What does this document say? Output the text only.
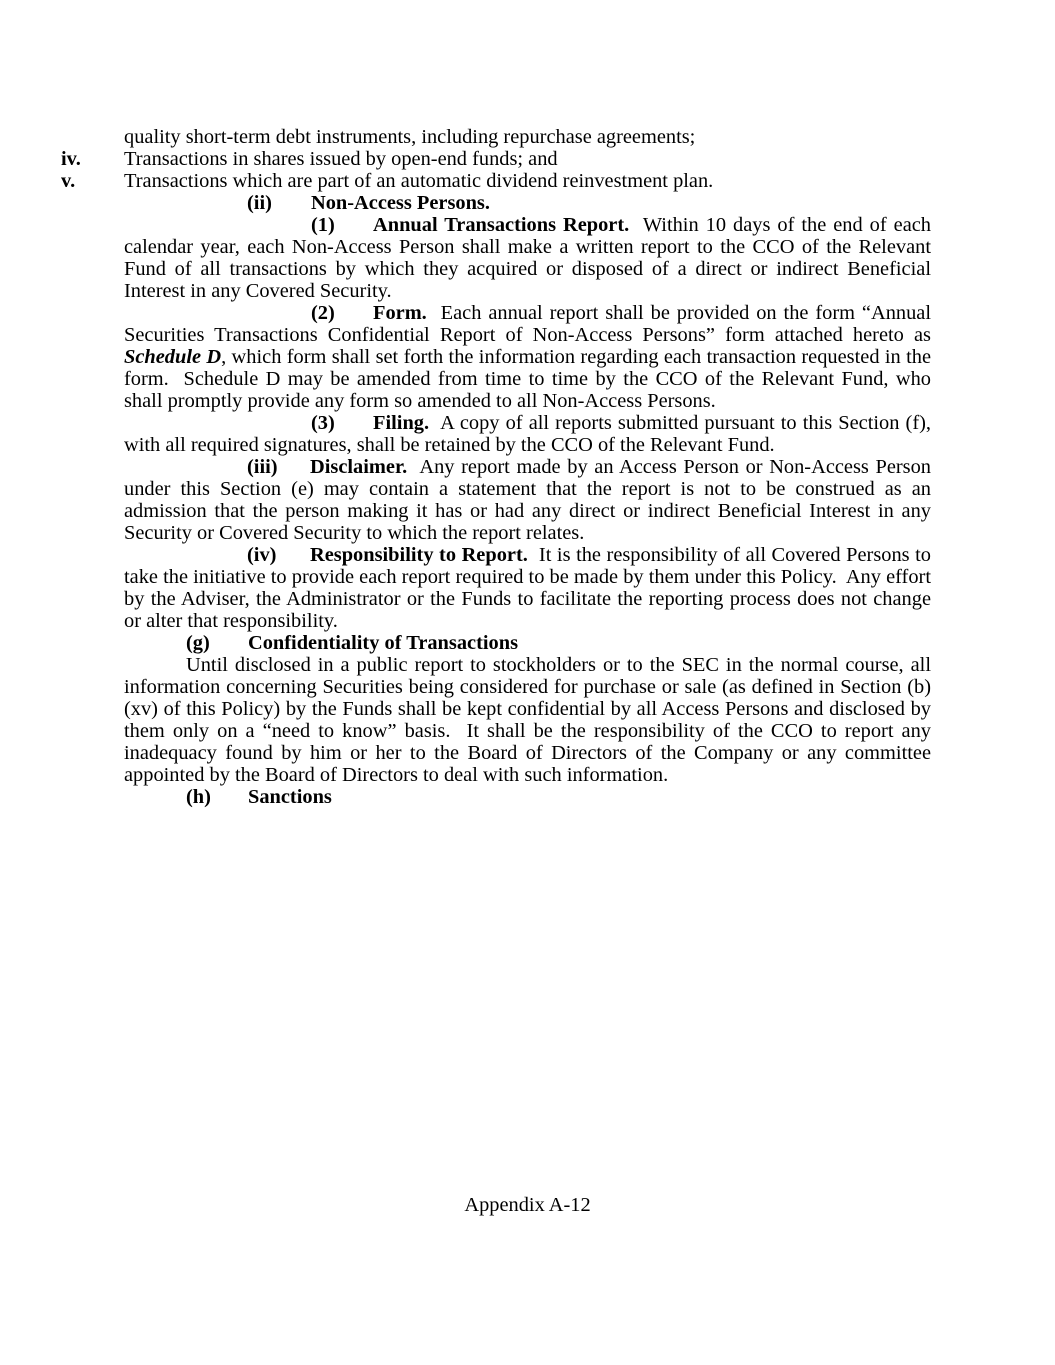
quality short-term debt instruments, including repurchase agreements;

iv. Transactions in shares issued by open-end funds; and

v. Transactions which are part of an automatic dividend reinvestment plan.

(ii) Non-Access Persons.

(1) Annual Transactions Report.  Within 10 days of the end of each calendar year, each Non-Access Person shall make a written report to the CCO of the Relevant Fund of all transactions by which they acquired or disposed of a direct or indirect Beneficial Interest in any Covered Security.

(2) Form.  Each annual report shall be provided on the form “Annual Securities Transactions Confidential Report of Non-Access Persons” form attached hereto as Schedule D, which form shall set forth the information regarding each transaction requested in the form.  Schedule D may be amended from time to time by the CCO of the Relevant Fund, who shall promptly provide any form so amended to all Non-Access Persons.

(3) Filing.  A copy of all reports submitted pursuant to this Section (f), with all required signatures, shall be retained by the CCO of the Relevant Fund.

(iii) Disclaimer.  Any report made by an Access Person or Non-Access Person under this Section (e) may contain a statement that the report is not to be construed as an admission that the person making it has or had any direct or indirect Beneficial Interest in any Security or Covered Security to which the report relates.

(iv) Responsibility to Report.  It is the responsibility of all Covered Persons to take the initiative to provide each report required to be made by them under this Policy.  Any effort by the Adviser, the Administrator or the Funds to facilitate the reporting process does not change or alter that responsibility.

(g) Confidentiality of Transactions

Until disclosed in a public report to stockholders or to the SEC in the normal course, all information concerning Securities being considered for purchase or sale (as defined in Section (b)(xv) of this Policy) by the Funds shall be kept confidential by all Access Persons and disclosed by them only on a “need to know” basis.  It shall be the responsibility of the CCO to report any inadequacy found by him or her to the Board of Directors of the Company or any committee appointed by the Board of Directors to deal with such information.

(h) Sanctions

Appendix A-12
